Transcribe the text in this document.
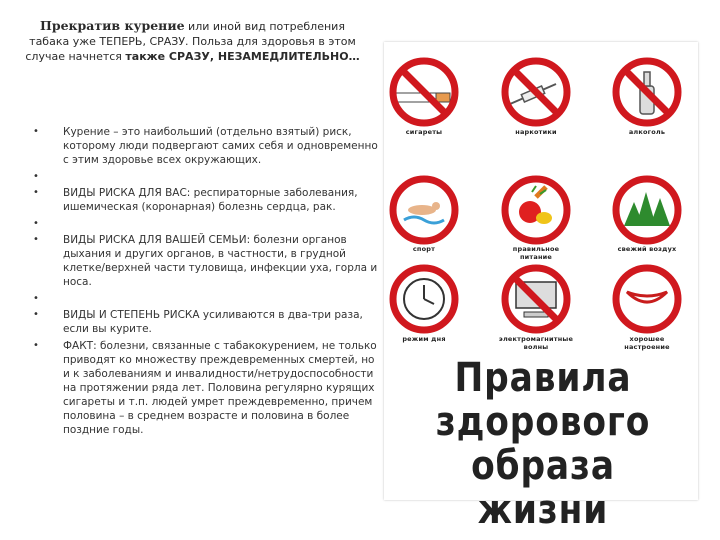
Прекратив курение или иной вид потребления табака уже ТЕПЕРЬ, СРАЗУ. Польза для здоровья в этом случае начнется также СРАЗУ, НЕЗАМЕДЛИТЕЛЬНО…
• Курение – это наибольший (отдельно взятый) риск, которому люди подвергают самих себя и одновременно с этим здоровье всех окружающих.
•
• ВИДЫ РИСКА ДЛЯ ВАС: респираторные заболевания, ишемическая (коронарная) болезнь сердца, рак.
•
• ВИДЫ РИСКА ДЛЯ ВАШЕЙ СЕМЬИ: болезни органов дыхания и других органов, в частности, в грудной клетке/верхней части туловища, инфекции уха, горла и носа.
•
• ВИДЫ И СТЕПЕНЬ РИСКА усиливаются в два-три раза, если вы курите.
• ФАКТ: болезни, связанные с табакокурением, не только приводят ко множеству преждевременных смертей, но и к заболеваниям и инвалидности/нетрудоспособности на протяжении ряда лет. Половина регулярно курящих сигареты и т.п. людей умрет преждевременно, причем половина – в среднем возрасте и половина в более поздние годы.
сигареты	наркотики	алкоголь
спорт	правильное питание
свежий воздух
режим дня	электромагнитные волны
хорошее настроение
Правила
здорового
образа жизни
